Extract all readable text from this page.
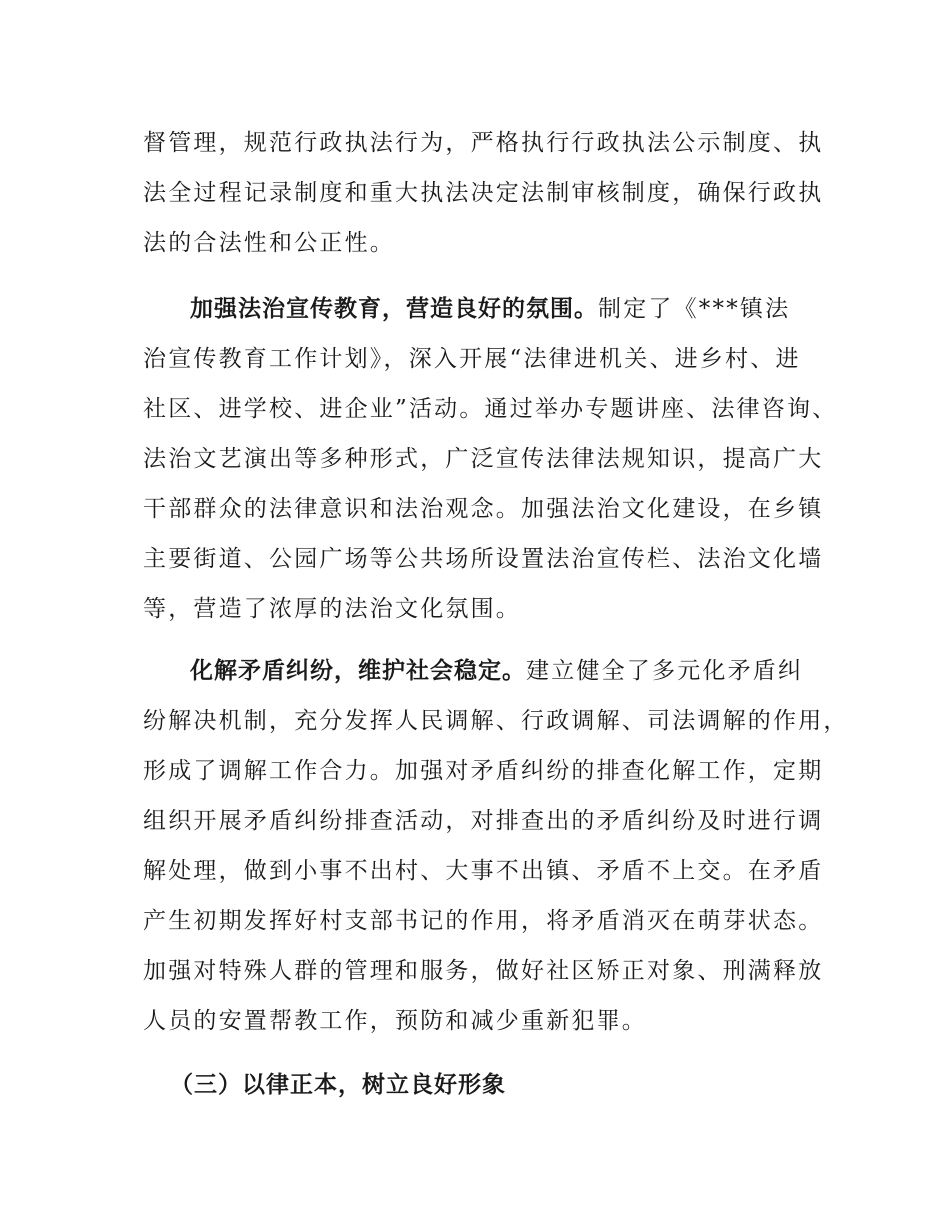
督管理，规范行政执法行为，严格执行行政执法公示制度、执
法全过程记录制度和重大执法决定法制审核制度，确保行政执
法的合法性和公正性。
加强法治宣传教育，营造良好的氛围。制定了《***镇法
治宣传教育工作计划》，深入开展“法律进机关、进乡村、进
社区、进学校、进企业”活动。通过举办专题讲座、法律咨询、
法治文艺演出等多种形式，广泛宣传法律法规知识，提高广大
干部群众的法律意识和法治观念。加强法治文化建设，在乡镇
主要街道、公园广场等公共场所设置法治宣传栏、法治文化墙
等，营造了浓厚的法治文化氛围。
化解矛盾纠纷，维护社会稳定。建立健全了多元化矛盾纠
纷解决机制，充分发挥人民调解、行政调解、司法调解的作用，
形成了调解工作合力。加强对矛盾纠纷的排查化解工作，定期
组织开展矛盾纠纷排查活动，对排查出的矛盾纠纷及时进行调
解处理，做到小事不出村、大事不出镇、矛盾不上交。在矛盾
产生初期发挥好村支部书记的作用，将矛盾消灭在萌芽状态。
加强对特殊人群的管理和服务，做好社区矫正对象、刑满释放
人员的安置帮教工作，预防和减少重新犯罪。
（三）以律正本，树立良好形象
